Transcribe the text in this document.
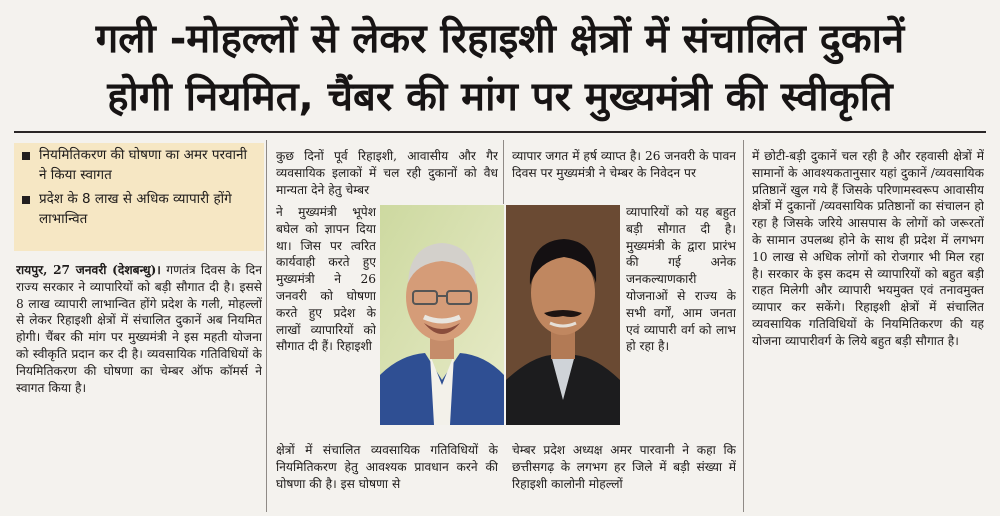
गली -मोहल्लों से लेकर रिहाइशी क्षेत्रों में संचालित दुकानें
होगी नियमित, चैंबर की मांग पर मुख्यमंत्री की स्वीकृति
नियमितिकरण की घोषणा का अमर परवानी ने किया स्वागत
प्रदेश के 8 लाख से अधिक व्यापारी होंगे लाभान्वित

रायपुर, 27 जनवरी (देशबन्धु)। गणतंत्र दिवस के दिन राज्य सरकार ने व्यापारियों को बड़ी सौगात दी है। इससे 8 लाख व्यापारी लाभान्वित होंगे प्रदेश के गली, मोहल्लों से लेकर रिहाइशी क्षेत्रों में संचालित दुकानें अब नियमित होगी। चैंबर की मांग पर मुख्यमंत्री ने इस महती योजना को स्वीकृति प्रदान कर दी है। व्यवसायिक गतिविधियों के नियमितिकरण की घोषणा का चेम्बर ऑफ कॉमर्स ने स्वागत किया है।

कुछ दिनों पूर्व रिहाइशी, आवासीय और गैर व्यवसायिक इलाकों में चल रही दुकानों को वैध मान्यता देने हेतु चेम्बर

ने मुख्यमंत्री भूपेश बघेल को ज्ञापन दिया था। जिस पर त्वरित कार्यवाही करते हुए मुख्यमंत्री ने 26 जनवरी को घोषणा करते हुए प्रदेश के लाखों व्यापारियों को सौगात दी हैं। रिहाइशी

क्षेत्रों में संचालित व्यवसायिक गतिविधियों के नियमितिकरण हेतु आवश्यक प्रावधान करने की घोषणा की है। इस घोषणा से

व्यापार जगत में हर्ष व्याप्त है। 26 जनवरी के पावन दिवस पर मुख्यमंत्री ने चेम्बर के निवेदन पर

व्यापारियों को यह बहुत बड़ी सौगात दी है। मुख्यमंत्री के द्वारा प्रारंभ की गई अनेक जनकल्याणकारी योजनाओं से राज्य के सभी वर्गों, आम जनता एवं व्यापारी वर्ग को लाभ हो रहा है।

चेम्बर प्रदेश अध्यक्ष अमर पारवानी ने कहा कि छत्तीसगढ़ के लगभग हर जिले में बड़ी संख्या में रिहाइशी कालोनी मोहल्लों

में छोटी-बड़ी दुकानें चल रही है और रहवासी क्षेत्रों में सामानों के आवश्यकतानुसार यहां दुकानें /व्यवसायिक प्रतिष्ठानें खुल गये हैं जिसके परिणामस्वरूप आवासीय क्षेत्रों में दुकानों /व्यवसायिक प्रतिष्ठानों का संचालन हो रहा है जिसके जरिये आसपास के लोगों को जरूरतों के सामान उपलब्ध होने के साथ ही प्रदेश में लगभग 10 लाख से अधिक लोगों को रोजगार भी मिल रहा है। सरकार के इस कदम से व्यापारियों को बहुत बड़ी राहत मिलेगी और व्यापारी भयमुक्त एवं तनावमुक्त व्यापार कर सकेंगे। रिहाइशी क्षेत्रों में संचालित व्यवसायिक गतिविधियों के नियमितिकरण की यह योजना व्यापारीवर्ग के लिये बहुत बड़ी सौगात है।
